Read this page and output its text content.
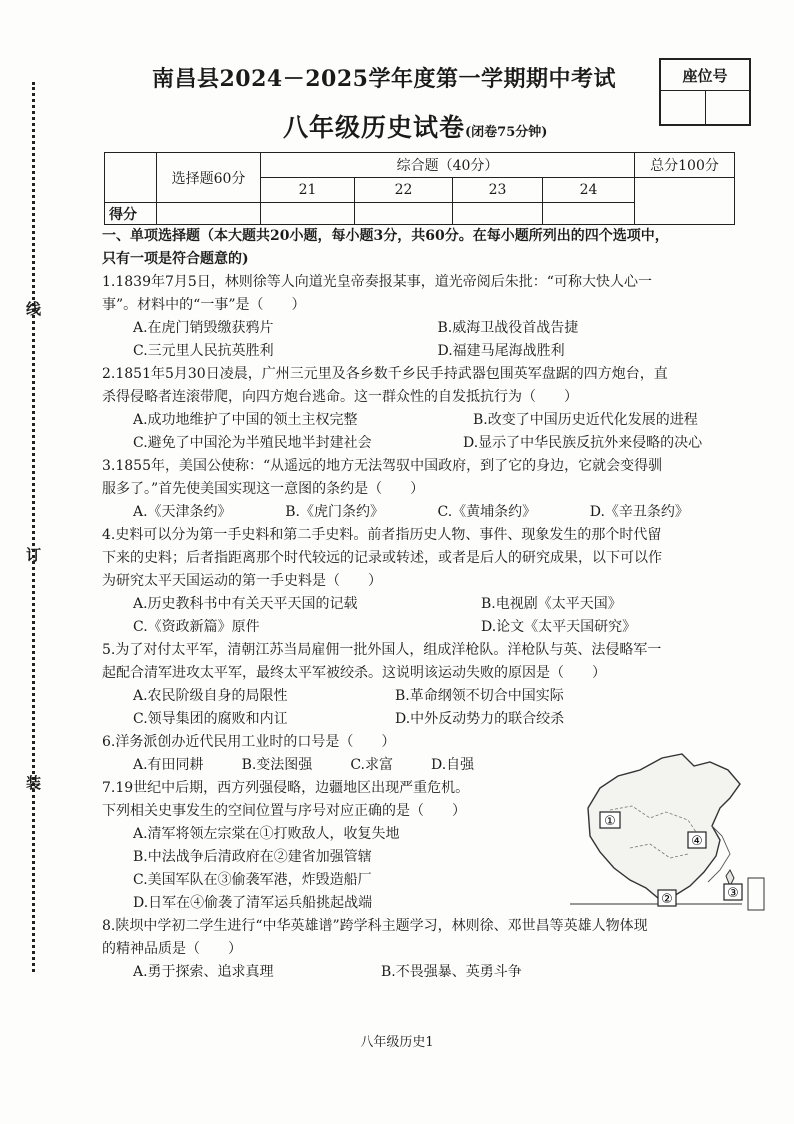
线
订
装
座位号
南昌县2024－2025学年度第一学期期中考试
八年级历史试卷(闭卷75分钟)
	选择题60分	综合题（40分）				总分100分
		21	22	23	24	
得分						

一、单项选择题（本大题共20小题，每小题3分，共60分。在每小题所列出的四个选项中，
只有一项是符合题意的)

1.1839年7月5日，林则徐等人向道光皇帝奏报某事，道光帝阅后朱批：“可称大快人心一
事”。材料中的“一事”是（　　）

A.在虎门销毁缴获鸦片	B.威海卫战役首战告捷
C.三元里人民抗英胜利	D.福建马尾海战胜利

2.1851年5月30日凌晨，广州三元里及各乡数千乡民手持武器包围英军盘踞的四方炮台，直
杀得侵略者连滚带爬，向四方炮台逃命。这一群众性的自发抵抗行为（　　）

A.成功地维护了中国的领土主权完整	B.改变了中国历史近代化发展的进程
C.避免了中国沦为半殖民地半封建社会	D.显示了中华民族反抗外来侵略的决心

3.1855年，美国公使称：“从遥远的地方无法驾驭中国政府，到了它的身边，它就会变得驯
服多了。”首先使美国实现这一意图的条约是（　　）

A.《天津条约》	B.《虎门条约》	C.《黄埔条约》	D.《辛丑条约》

4.史料可以分为第一手史料和第二手史料。前者指历史人物、事件、现象发生的那个时代留
下来的史料；后者指距离那个时代较远的记录或转述，或者是后人的研究成果，以下可以作
为研究太平天国运动的第一手史料是（　　）

A.历史教科书中有关天平天国的记载	B.电视剧《太平天国》
C.《资政新篇》原件	D.论文《太平天国研究》

5.为了对付太平军，清朝江苏当局雇佣一批外国人，组成洋枪队。洋枪队与英、法侵略军一
起配合清军进攻太平军，最终太平军被绞杀。这说明该运动失败的原因是（　　）

A.农民阶级自身的局限性	B.革命纲领不切合中国实际
C.领导集团的腐败和内讧	D.中外反动势力的联合绞杀

6.洋务派创办近代民用工业时的口号是（　　）

A.有田同耕	B.变法图强	C.求富	D.自强

7.19世纪中后期，西方列强侵略，边疆地区出现严重危机。
下列相关史事发生的空间位置与序号对应正确的是（　　）

A.清军将领左宗棠在①打败敌人，收复失地
B.中法战争后清政府在②建省加强管辖
C.美国军队在③偷袭军港，炸毁造船厂
D.日军在④偷袭了清军运兵船挑起战端

8.陕坝中学初二学生进行“中华英雄谱”跨学科主题学习，林则徐、邓世昌等英雄人物体现
的精神品质是（　　）

A.勇于探索、追求真理	B.不畏强暴、英勇斗争
①
④
②	③
八年级历史1
